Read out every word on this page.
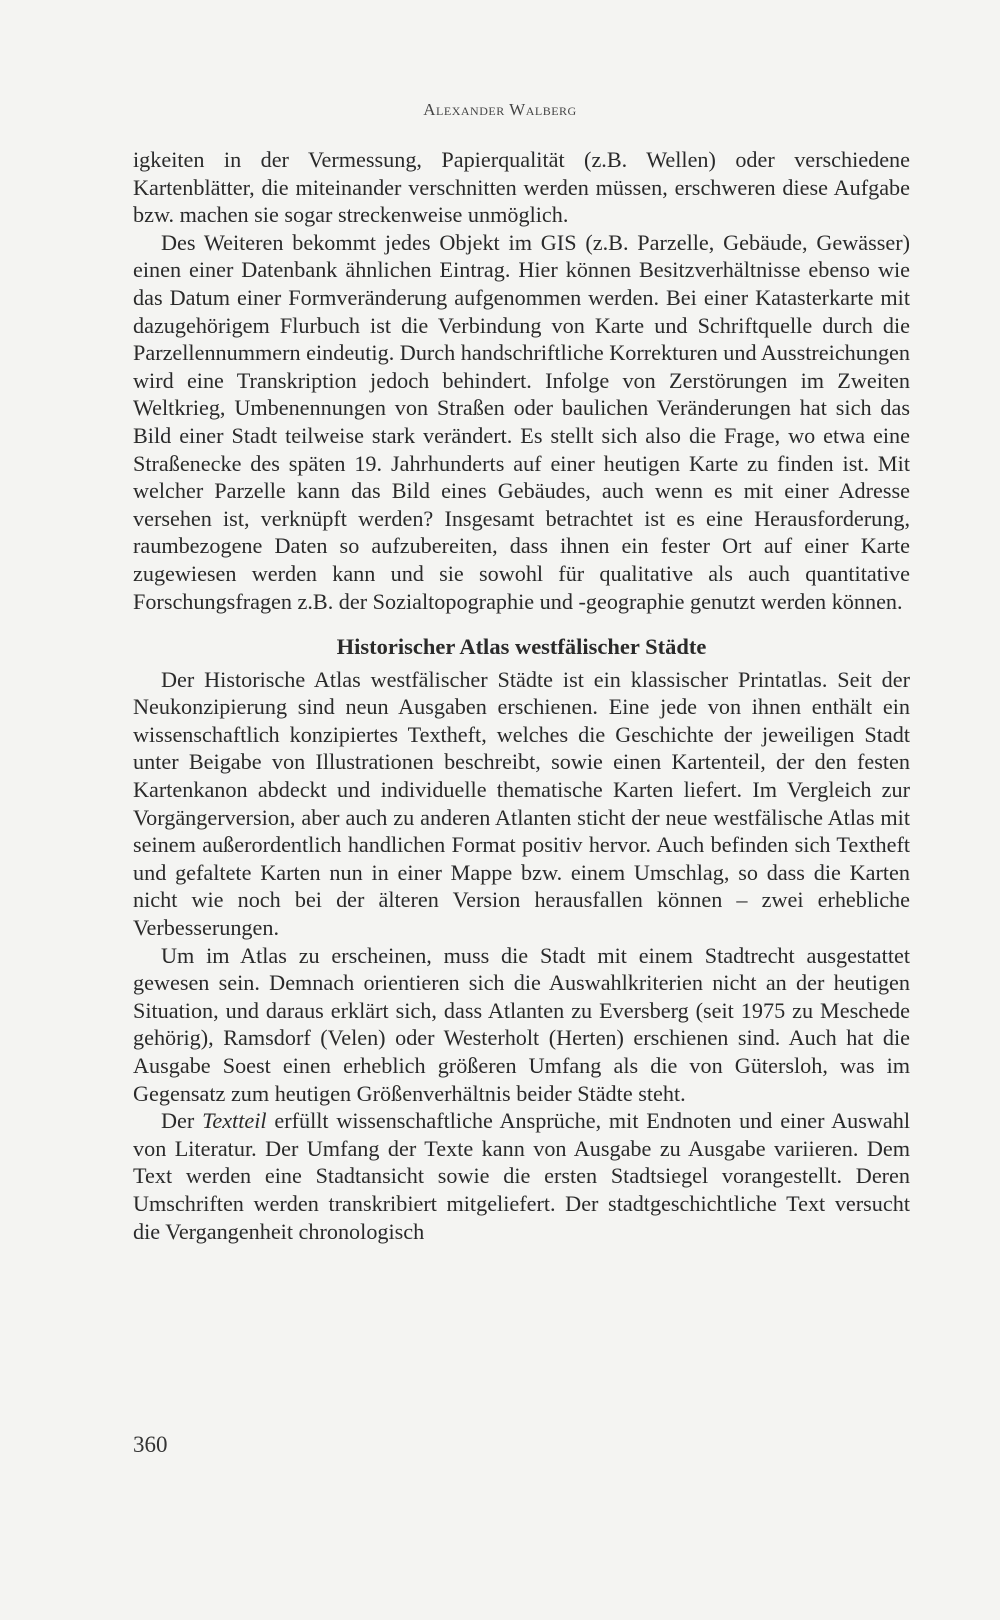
Alexander Walberg

igkeiten in der Vermessung, Papierqualität (z.B. Wellen) oder verschiedene Kartenblätter, die miteinander verschnitten werden müssen, erschweren diese Aufgabe bzw. machen sie sogar streckenweise unmöglich.

Des Weiteren bekommt jedes Objekt im GIS (z.B. Parzelle, Gebäude, Gewässer) einen einer Datenbank ähnlichen Eintrag. Hier können Besitzverhältnisse ebenso wie das Datum einer Formveränderung aufgenommen werden. Bei einer Katasterkarte mit dazugehörigem Flurbuch ist die Verbindung von Karte und Schriftquelle durch die Parzellennummern eindeutig. Durch handschriftliche Korrekturen und Ausstreichungen wird eine Transkription jedoch behindert. Infolge von Zerstörungen im Zweiten Weltkrieg, Umbenennungen von Straßen oder baulichen Veränderungen hat sich das Bild einer Stadt teilweise stark verändert. Es stellt sich also die Frage, wo etwa eine Straßenecke des späten 19. Jahrhunderts auf einer heutigen Karte zu finden ist. Mit welcher Parzelle kann das Bild eines Gebäudes, auch wenn es mit einer Adresse versehen ist, verknüpft werden? Insgesamt betrachtet ist es eine Herausforderung, raumbezogene Daten so aufzubereiten, dass ihnen ein fester Ort auf einer Karte zugewiesen werden kann und sie sowohl für qualitative als auch quantitative Forschungsfragen z.B. der Sozialtopographie und -geographie genutzt werden können.

Historischer Atlas westfälischer Städte

Der Historische Atlas westfälischer Städte ist ein klassischer Printatlas. Seit der Neukonzipierung sind neun Ausgaben erschienen. Eine jede von ihnen enthält ein wissenschaftlich konzipiertes Textheft, welches die Geschichte der jeweiligen Stadt unter Beigabe von Illustrationen beschreibt, sowie einen Kartenteil, der den festen Kartenkanon abdeckt und individuelle thematische Karten liefert. Im Vergleich zur Vorgängerversion, aber auch zu anderen Atlanten sticht der neue westfälische Atlas mit seinem außerordentlich handlichen Format positiv hervor. Auch befinden sich Textheft und gefaltete Karten nun in einer Mappe bzw. einem Umschlag, so dass die Karten nicht wie noch bei der älteren Version herausfallen können – zwei erhebliche Verbesserungen.

Um im Atlas zu erscheinen, muss die Stadt mit einem Stadtrecht ausgestattet gewesen sein. Demnach orientieren sich die Auswahlkriterien nicht an der heutigen Situation, und daraus erklärt sich, dass Atlanten zu Eversberg (seit 1975 zu Meschede gehörig), Ramsdorf (Velen) oder Westerholt (Herten) erschienen sind. Auch hat die Ausgabe Soest einen erheblich größeren Umfang als die von Gütersloh, was im Gegensatz zum heutigen Größenverhältnis beider Städte steht.

Der Textteil erfüllt wissenschaftliche Ansprüche, mit Endnoten und einer Auswahl von Literatur. Der Umfang der Texte kann von Ausgabe zu Ausgabe variieren. Dem Text werden eine Stadtansicht sowie die ersten Stadtsiegel vorangestellt. Deren Umschriften werden transkribiert mitgeliefert. Der stadtgeschichtliche Text versucht die Vergangenheit chronologisch

360
